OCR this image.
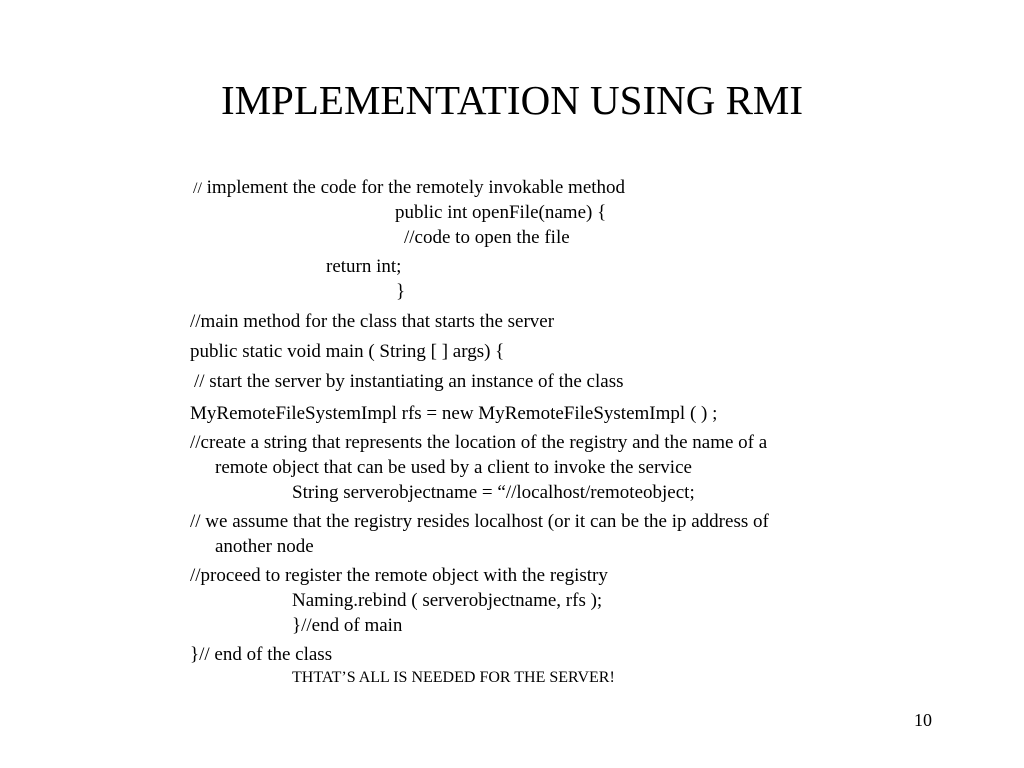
IMPLEMENTATION USING RMI
// implement the code for the remotely invokable method
public int openFile(name) {
//code to open the file
return int;
}
//main method for the class that starts the server
public static void main ( String [ ] args) {
// start the server by instantiating an instance of the class
MyRemoteFileSystemImpl rfs = new MyRemoteFileSystemImpl ( ) ;
//create a string that represents the location of the registry and the name of a
remote object that can be used by a client to invoke the service
String serverobjectname = “//localhost/remoteobject;
// we assume that the registry resides localhost (or it can be the ip address of
another node
//proceed to register the remote object with the registry
Naming.rebind ( serverobjectname, rfs );
}//end of main
}// end of the class
THTAT’S ALL IS NEEDED FOR THE SERVER!
10
